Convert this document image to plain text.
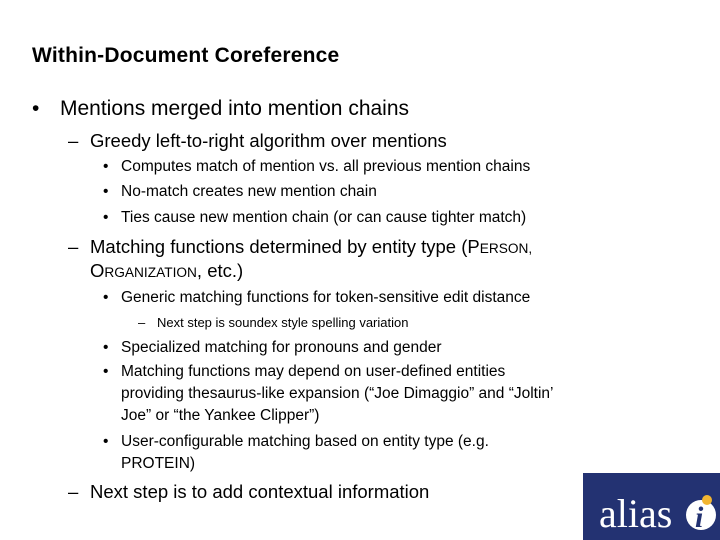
Within-Document Coreference
• Mentions merged into mention chains
– Greedy left-to-right algorithm over mentions
• Computes match of mention vs. all previous mention chains
• No-match creates new mention chain
• Ties cause new mention chain (or can cause tighter match)
– Matching functions determined by entity type (PERSON,
ORGANIZATION, etc.)
• Generic matching functions for token-sensitive edit distance
– Next step is soundex style spelling variation
• Specialized matching for pronouns and gender
• Matching functions may depend on user-defined entities
providing thesaurus-like expansion (“Joe Dimaggio” and “Joltin’
Joe” or “the Yankee Clipper”)
• User-configurable matching based on entity type (e.g.
PROTEIN)
– Next step is to add contextual information	alias i
